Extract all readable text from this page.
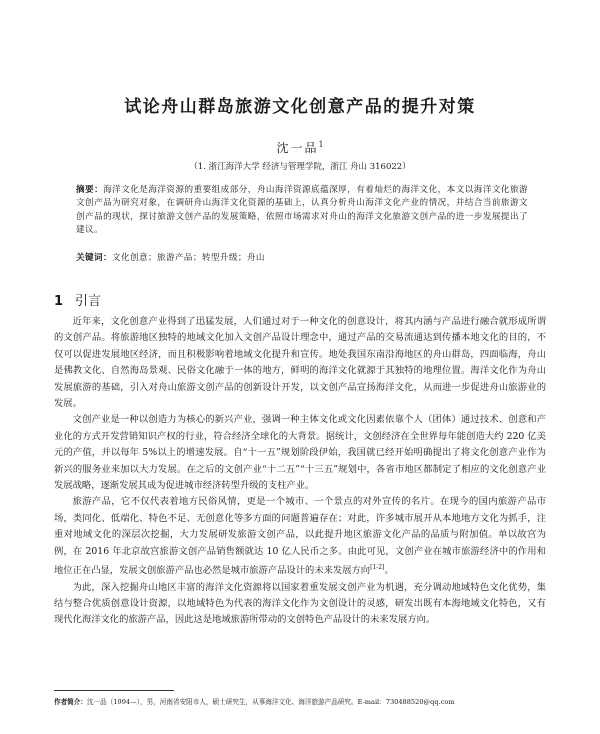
试论舟山群岛旅游文化创意产品的提升对策
沈一品$^1$
（1. 浙江海洋大学 经济与管理学院，浙江 舟山 316022）
摘要：海洋文化是海洋资源的重要组成部分，舟山海洋资源底蕴深厚，有着灿烂的海洋文化，本文以海洋文化旅游文创产品为研究对象，在调研舟山海洋文化资源的基础上，认真分析舟山海洋文化产业的情况，并结合当前旅游文创产品的现状，探讨旅游文创产品的发展策略，依照市场需求对舟山的海洋文化旅游文创产品的进一步发展提出了建议。
关键词：文化创意；旅游产品；转型升级；舟山
1 引言

近年来，文化创意产业得到了迅猛发展，人们通过对于一种文化的创意设计，将其内涵与产品进行融合就形成所谓的文创产品。将旅游地区独特的地域文化加入文创产品设计理念中，通过产品的交易流通达到传播本地文化的目的，不仅可以促进发展地区经济，而且积极影响着地域文化提升和宣传。地处我国东南沿海地区的舟山群岛，四面临海，舟山是佛教文化、自然海岛景观、民俗文化融于一体的地方，鲜明的海洋文化就源于其独特的地理位置。海洋文化作为舟山发展旅游的基础，引入对舟山旅游文创产品的创新设计开发，以文创产品宣扬海洋文化，从而进一步促进舟山旅游业的发展。

文创产业是一种以创造力为核心的新兴产业，强调一种主体文化或文化因素依靠个人（团体）通过技术、创意和产业化的方式开发营销知识产权的行业，符合经济全球化的大背景。据统计，文创经济在全世界每年能创造大约 220 亿美元的产值，并以每年 5%以上的增速发展。自“十一五”规划阶段伊始，我国就已经开始明确提出了将文化创意产业作为新兴的服务业来加以大力发展。在之后的文创产业“十二五”“十三五”规划中，各省市地区都制定了相应的文化创意产业发展战略，逐渐发展其成为促进城市经济转型升级的支柱产业。

旅游产品，它不仅代表着地方民俗风情，更是一个城市、一个景点的对外宣传的名片。在现今的国内旅游产品市场，类同化、低端化、特色不足、无创意化等多方面的问题普遍存在；对此，许多城市展开从本地地方文化为抓手，注重对地域文化的深层次挖掘，大力发展研发旅游文创产品，以此提升地区旅游文化产品的品质与附加值。单以故宫为例，在 2016 年北京故宫旅游文创产品销售额就达 10 亿人民币之多。由此可见，文创产业在城市旅游经济中的作用和地位正在凸显，发展文创旅游产品也必然是城市旅游产品设计的未来发展方向[1-2]。

为此，深入挖掘舟山地区丰富的海洋文化资源将以国家着重发展文创产业为机遇，充分调动地域特色文化优势，集结与整合优质创意设计资源，以地域特色为代表的海洋文化作为文创设计的灵感，研发出既有本海地域文化特色，又有现代化海洋文化的旅游产品，因此这是地域旅游所带动的文创特色产品设计的未来发展方向。

作者简介：沈一品（1994—），男，河南省安阳市人，硕士研究生，从事海洋文化、海洋旅游产品研究。E-mail：730488520@qq.com
